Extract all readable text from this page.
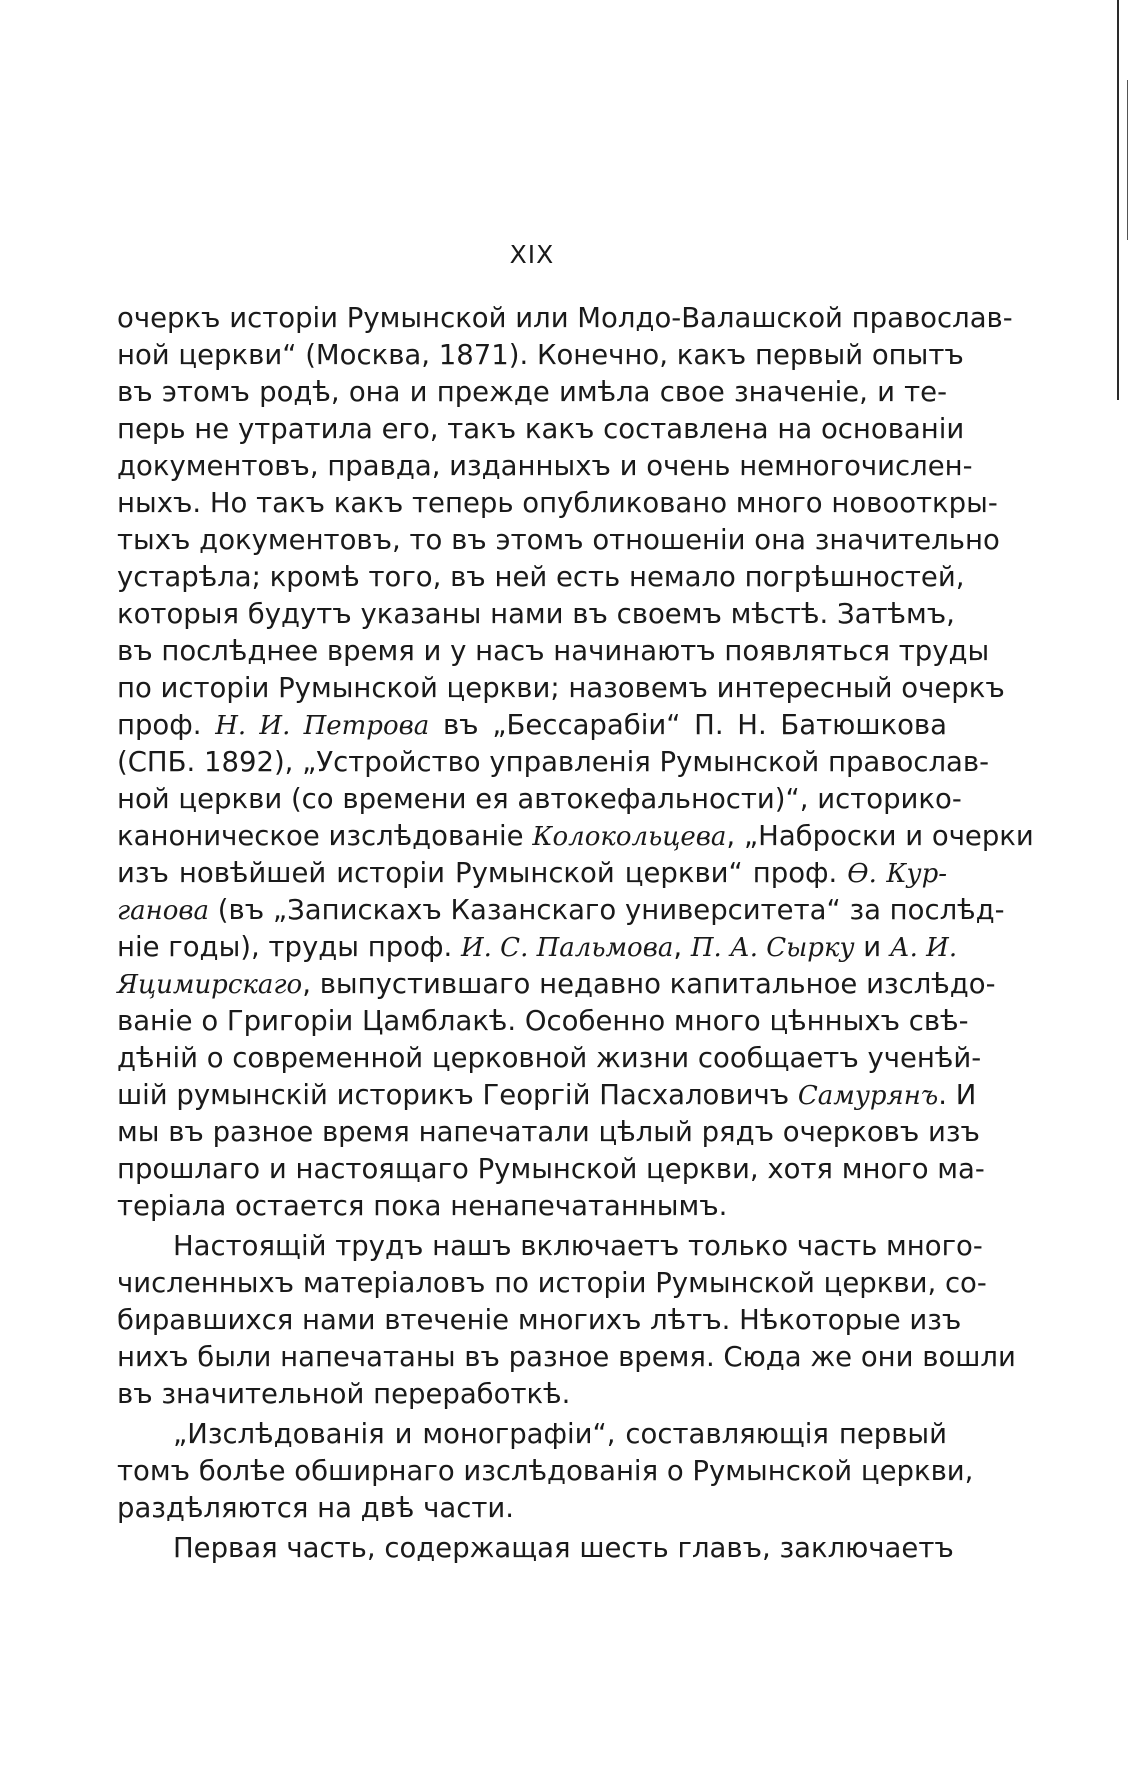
XIX
очеркъ исторіи Румынской или Молдо-Валашской православ-
ной церкви“ (Москва, 1871). Конечно, какъ первый опытъ
въ этомъ родѣ, она и прежде имѣла свое значеніе, и те-
перь не утратила его, такъ какъ составлена на основаніи
документовъ, правда, изданныхъ и очень немногочислен-
ныхъ. Но такъ какъ теперь опубликовано много новооткры-
тыхъ документовъ, то въ этомъ отношеніи она значительно
устарѣла; кромѣ того, въ ней есть немало погрѣшностей,
которыя будутъ указаны нами въ своемъ мѣстѣ. Затѣмъ,
въ послѣднее время и у насъ начинаютъ появляться труды
по исторіи Румынской церкви; назовемъ интересный очеркъ
проф. Н. И. Петрова въ „Бессарабіи“ П. Н. Батюшкова
(СПБ. 1892), „Устройство управленія Румынской православ-
ной церкви (со времени ея автокефальности)“, историко-
каноническое изслѣдованіе Колокольцева, „Наброски и очерки
изъ новѣйшей исторіи Румынской церкви“ проф. Ѳ. Кур-
ганова (въ „Запискахъ Казанскаго университета“ за послѣд-
ніе годы), труды проф. И. С. Пальмова, П. А. Сырку и А. И.
Яцимирскаго, выпустившаго недавно капитальное изслѣдо-
ваніе о Григоріи Цамблакѣ. Особенно много цѣнныхъ свѣ-
дѣній о современной церковной жизни сообщаетъ ученѣй-
шій румынскій историкъ Георгій Пасхаловичъ Самурянъ. И
мы въ разное время напечатали цѣлый рядъ очерковъ изъ
прошлаго и настоящаго Румынской церкви, хотя много ма-
теріала остается пока ненапечатаннымъ.
Настоящій трудъ нашъ включаетъ только часть много-
численныхъ матеріаловъ по исторіи Румынской церкви, со-
биравшихся нами втеченіе многихъ лѣтъ. Нѣкоторые изъ
нихъ были напечатаны въ разное время. Сюда же они вошли
въ значительной переработкѣ.
„Изслѣдованія и монографіи“, составляющія первый
томъ болѣе обширнаго изслѣдованія о Румынской церкви,
раздѣляются на двѣ части.
Первая часть, содержащая шесть главъ, заключаетъ
